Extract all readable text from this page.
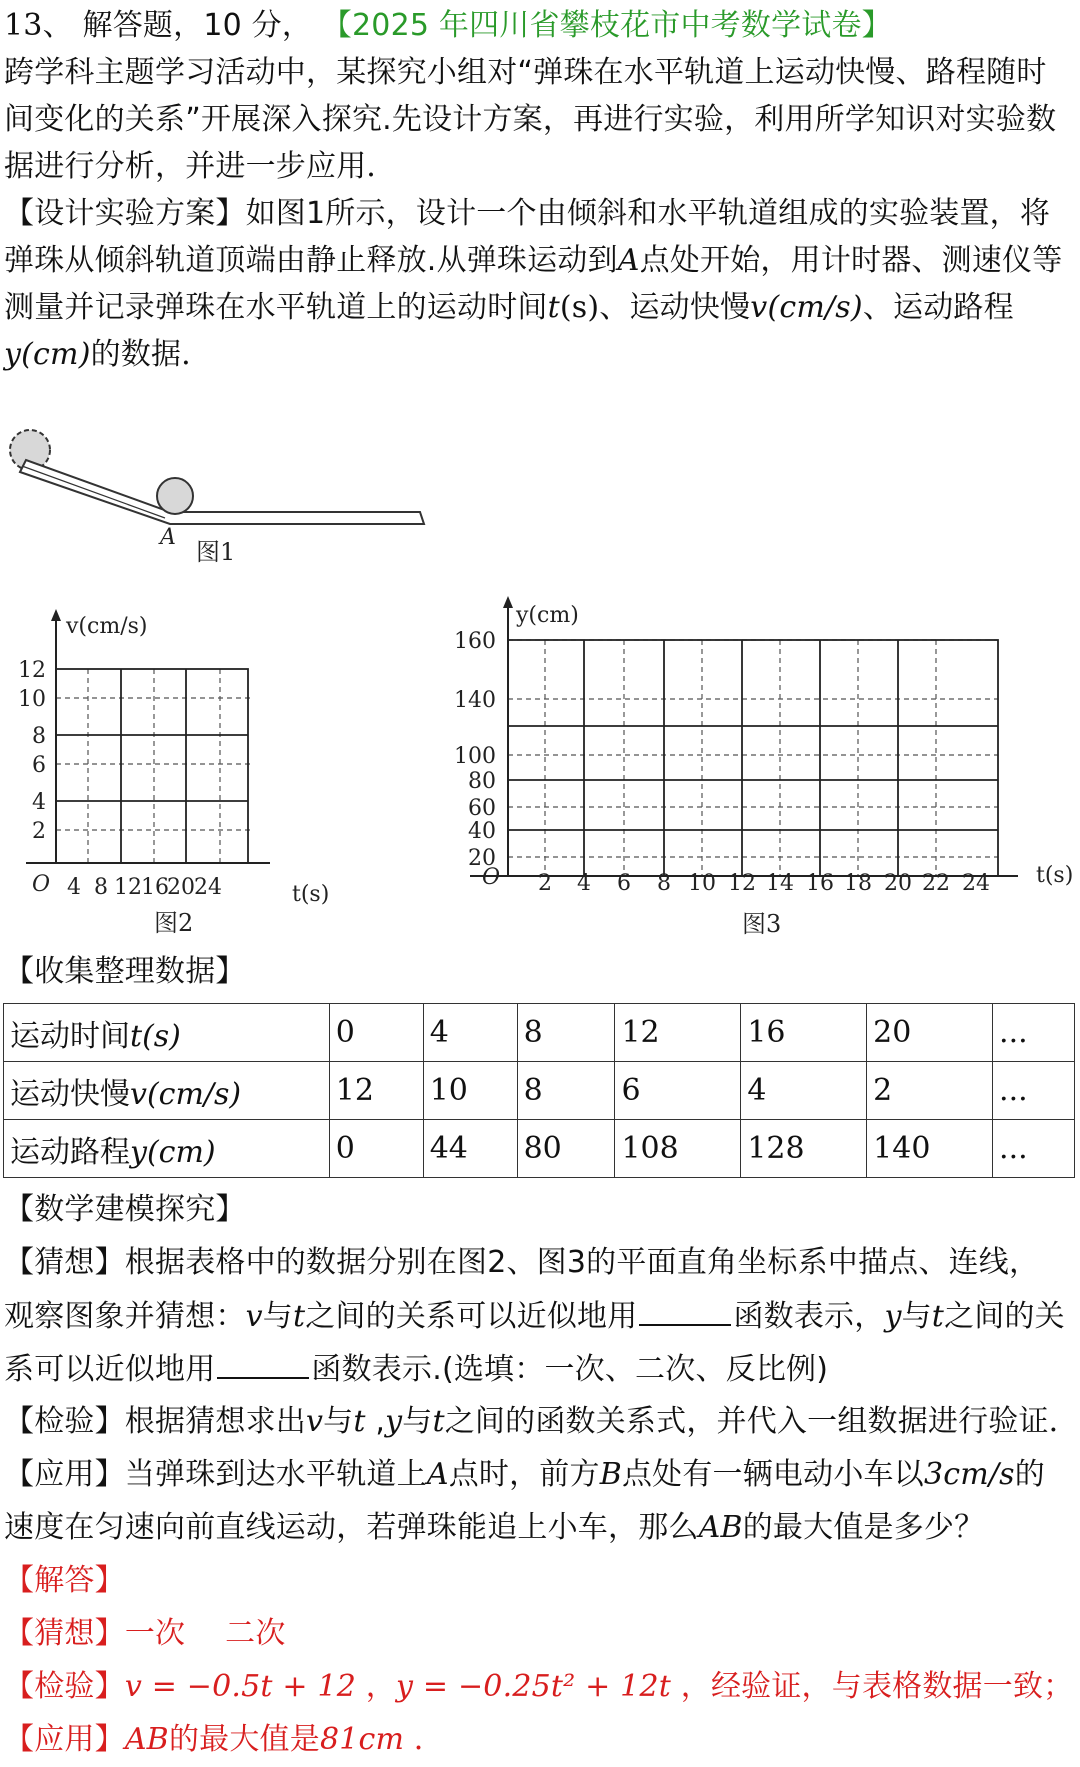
13、 解答题，10 分， 【2025 年四川省攀枝花市中考数学试卷】
跨学科主题学习活动中，某探究小组对“弹珠在水平轨道上运动快慢、路程随时
间变化的关系”开展深入探究.先设计方案，再进行实验，利用所学知识对实验数
据进行分析，并进一步应用．
【设计实验方案】如图1所示，设计一个由倾斜和水平轨道组成的实验装置，将
弹珠从倾斜轨道顶端由静止释放.从弹珠运动到A点处开始，用计时器、测速仪等
测量并记录弹珠在水平轨道上的运动时间t(s)、运动快慢v(cm/s)、运动路程
y(cm)的数据．
A
图1
v(cm/s)
t(s)
O
2
4
6
8
10
12
4 8 12 16
20 24
图2
y(cm)
t(s)
O
20
40
60
80
100
140
160
2 4 6 8 10 12 14 16 18 20 22 24
图3
【收集整理数据】
运动时间t(s)	0	4	8	12	16	20	...
运动快慢v(cm/s)	12	10	8	6	4	2	...
运动路程y(cm)	0	44	80	108	128	140	...
【数学建模探究】
【猜想】根据表格中的数据分别在图2、图3的平面直角坐标系中描点、连线，
观察图象并猜想：v与t之间的关系可以近似地用	函数表示，y与t之间的关
系可以近似地用	函数表示.(选填：一次、二次、反比例)
【检验】根据猜想求出v与t ,y与t之间的函数关系式，并代入一组数据进行验证．
【应用】当弹珠到达水平轨道上A点时，前方B点处有一辆电动小车以3cm/s的
速度在匀速向前直线运动，若弹珠能追上小车，那么AB的最大值是多少？
【解答】
【猜想】一次　 二次
【检验】v = −0.5t + 12 ，y = −0.25t² + 12t ，经验证，与表格数据一致；
【应用】AB的最大值是81cm ．
